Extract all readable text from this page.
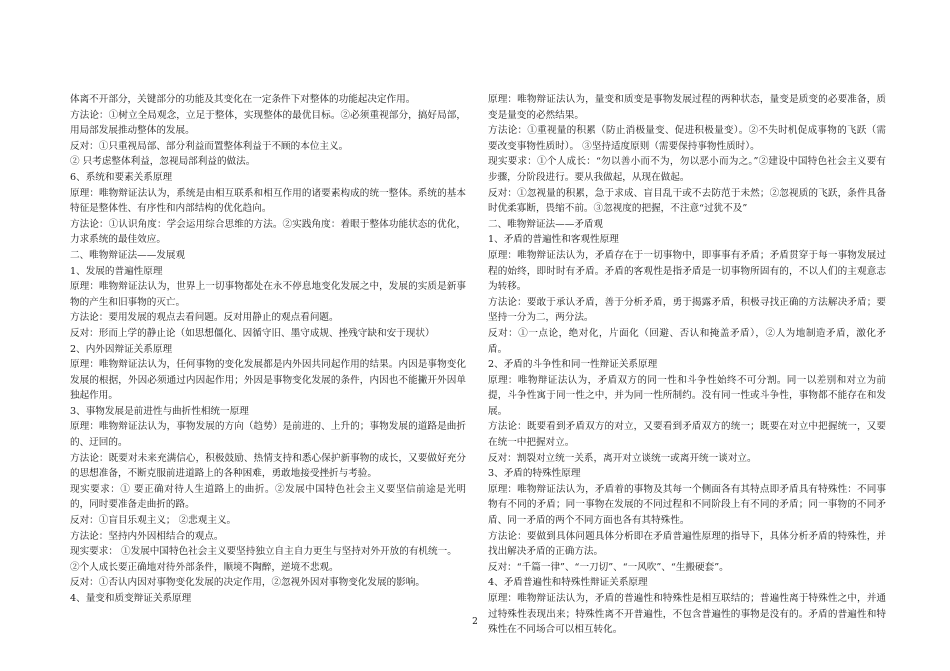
体离不开部分，关键部分的功能及其变化在一定条件下对整体的功能起决定作用。

方法论：①树立全局观念，立足于整体，实现整体的最优目标。②必须重视部分，搞好局部，用局部发展推动整体的发展。

反对：①只重视局部、部分利益而置整体利益于不顾的本位主义。

② 只考虑整体利益，忽视局部利益的做法。

6、系统和要素关系原理

原理：唯物辩证法认为，系统是由相互联系和相互作用的诸要素构成的统一整体。系统的基本特征是整体性、有序性和内部结构的优化趋向。

方法论：①认识角度：学会运用综合思维的方法。②实践角度：着眼于整体功能状态的优化，力求系统的最佳效应。

二、唯物辩证法——发展观

1、发展的普遍性原理

原理：唯物辩证法认为，世界上一切事物都处在永不停息地变化发展之中，发展的实质是新事物的产生和旧事物的灭亡。

方法论：要用发展的观点去看问题。反对用静止的观点看问题。

反对：形而上学的静止论（如思想僵化、因循守旧、墨守成规、挫残守缺和安于现状）

2、内外因辩证关系原理

原理：唯物辩证法认为，任何事物的变化发展都是内外因共同起作用的结果。内因是事物变化发展的根据，外因必须通过内因起作用；外因是事物变化发展的条件，内因也不能撇开外因单独起作用。

3、事物发展是前进性与曲折性相统一原理

原理：唯物辩证法认为，事物发展的方向（趋势）是前进的、上升的；事物发展的道路是曲折的、迂回的。

方法论：既要对未来充满信心，积极鼓励、热情支持和悉心保护新事物的成长，又要做好充分的思想准备，不断克服前进道路上的各种困难，勇敢地接受挫折与考验。

现实要求：① 要正确对待人生道路上的曲折。②发展中国特色社会主义要坚信前途是光明的，同时要准备走曲折的路。

反对：①盲目乐观主义； ②悲观主义。

方法论：坚持内外因相结合的观点。

现实要求： ①发展中国特色社会主义要坚持独立自主自力更生与坚持对外开放的有机统一。

②个人成长要正确地对待外部条件，顺境不陶醉，逆境不悲观。

反对：①否认内因对事物变化发展的决定作用，②忽视外因对事物变化发展的影响。

4、量变和质变辩证关系原理

原理：唯物辩证法认为，量变和质变是事物发展过程的两种状态，量变是质变的必要准备，质变是量变的必然结果。

方法论：①重视量的积累（防止消极量变、促进积极量变）。②不失时机促成事物的飞跃（需要改变事物性质时）。 ③坚持适度原则（需要保持事物性质时）。

现实要求：①个人成长：“勿以善小而不为，勿以恶小而为之。”②建设中国特色社会主义要有步骤，分阶段进行。要从我做起，从现在做起。

反对：①忽视量的积累，急于求成、盲目乱干或不去防范于未然；②忽视质的飞跃，条件具备时优柔寡断，畏缩不前。③忽视度的把握，不注意“过犹不及”

二、唯物辩证法——矛盾观

1、矛盾的普遍性和客观性原理

原理：唯物辩证法认为，矛盾存在于一切事物中，即事事有矛盾；矛盾贯穿于每一事物发展过程的始终，即时时有矛盾。矛盾的客观性是指矛盾是一切事物所固有的，不以人们的主观意志为转移。

方法论：要敢于承认矛盾，善于分析矛盾，勇于揭露矛盾，积极寻找正确的方法解决矛盾；要坚持一分为二，两分法。

反对：①一点论，绝对化，片面化（回避、否认和掩盖矛盾），②人为地制造矛盾，激化矛盾。

2、矛盾的斗争性和同一性辩证关系原理

原理：唯物辩证法认为，矛盾双方的同一性和斗争性始终不可分割。同一以差别和对立为前提，斗争性寓于同一性之中，并为同一性所制约。没有同一性或斗争性，事物都不能存在和发展。

方法论：既要看到矛盾双方的对立，又要看到矛盾双方的统一；既要在对立中把握统一，又要在统一中把握对立。

反对：割裂对立统一关系，离开对立谈统一或离开统一谈对立。

3、矛盾的特殊性原理

原理：唯物辩证法认为，矛盾着的事物及其每一个侧面各有其特点即矛盾具有特殊性：不同事物有不同的矛盾；同一事物在发展的不同过程和不同阶段上有不同的矛盾；同一事物的不同矛盾、同一矛盾的两个不同方面也各有其特殊性。

方法论：要做到具体问题具体分析即在矛盾普遍性原理的指导下，具体分析矛盾的特殊性，并找出解决矛盾的正确方法。

反对：“千篇一律”、“一刀切”、“一风吹”、“生搬硬套”。

4、矛盾普遍性和特殊性辩证关系原理

原理：唯物辩证法认为，矛盾的普遍性和特殊性是相互联结的；普遍性离于特殊性之中，并通过特殊性表现出来；特殊性离不开普遍性，不包含普遍性的事物是没有的。矛盾的普遍性和特殊性在不同场合可以相互转化。

2
